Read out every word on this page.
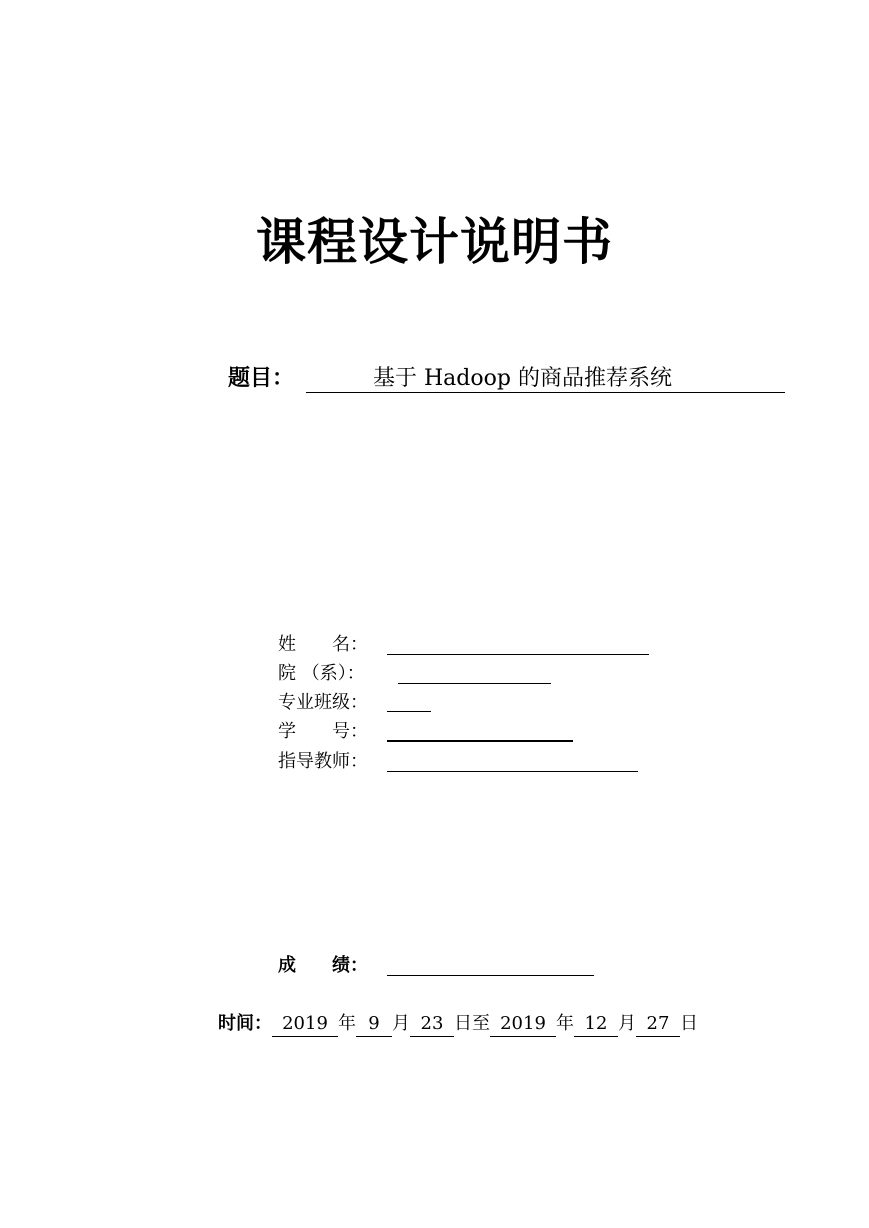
课程设计说明书
题目：	基于 Hadoop 的商品推荐系统
姓　　名：
院 （系）：
专业班级：
学　　号：
指导教师：
成　　绩：
时间： 2019 年 9 月 23 日至 2019 年 12 月 27 日
